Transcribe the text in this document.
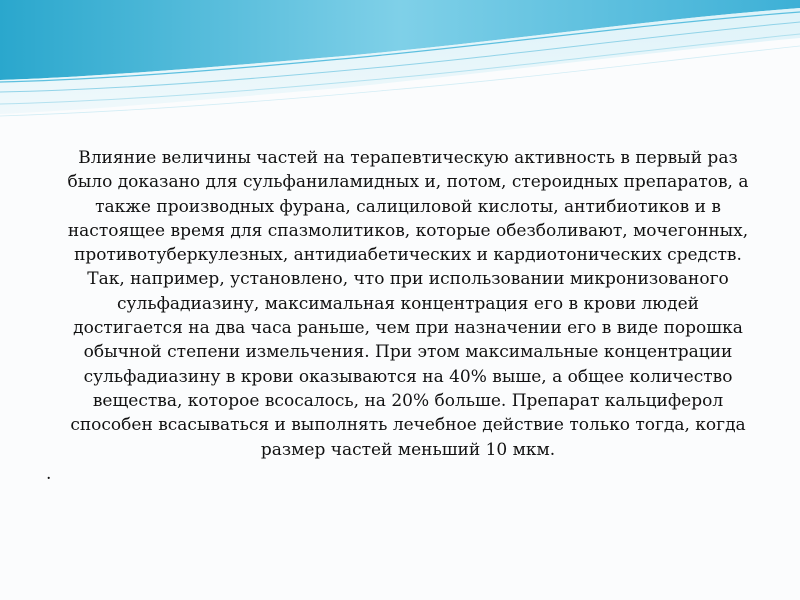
Влияние величины частей на терапевтическую активность в первый раз было доказано для сульфаниламидных и, потом, стероидных препаратов, а также производных фурана, салициловой кислоты, антибиотиков и в настоящее время для спазмолитиков, которые обезболивают, мочегонных, противотуберкулезных, антидиабетических и кардиотонических средств. Так, например, установлено, что при использовании микронизованого сульфадиазину, максимальная концентрация его в крови людей достигается на два часа раньше, чем при назначении его в виде порошка обычной степени измельчения. При этом максимальные концентрации сульфадиазину в крови оказываются на 40% выше, а общее количество вещества, которое всосалось, на 20% больше. Препарат кальциферол способен всасываться и выполнять лечебное действие только тогда, когда размер частей меньший 10 мкм.

.
